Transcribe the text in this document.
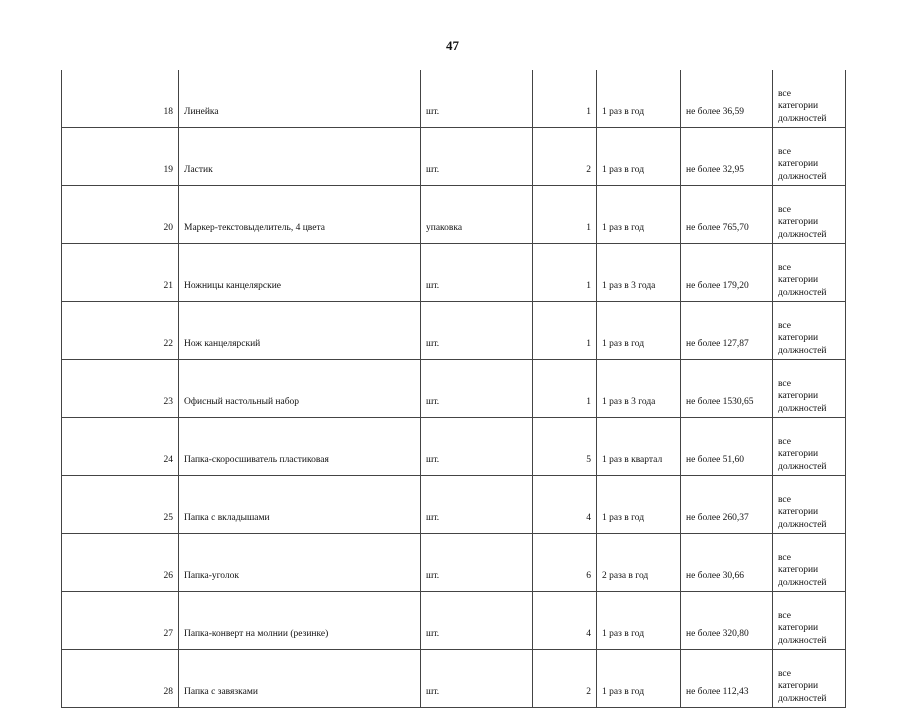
47
18	Линейка	шт.	1	1 раз в год	не более 36,59	все
категории
должностей

19	Ластик	шт.	2	1 раз в год	не более 32,95	все
категории
должностей

20	Маркер-текстовыделитель, 4 цвета	упаковка	1	1 раз в год	не более 765,70	все
категории
должностей

21	Ножницы канцелярские	шт.	1	1 раз в 3 года	не более 179,20	все
категории
должностей

22	Нож канцелярский	шт.	1	1 раз в год	не более 127,87	все
категории
должностей

23	Офисный настольный набор	шт.	1	1 раз в 3 года	не более 1530,65	все
категории
должностей

24	Папка-скоросшиватель пластиковая	шт.	5	1 раз в квартал	не более 51,60	все
категории
должностей

25	Папка с вкладышами	шт.	4	1 раз в год	не более 260,37	все
категории
должностей

26	Папка-уголок	шт.	6	2 раза в год	не более 30,66	все
категории
должностей

27	Папка-конверт на молнии (резинке)	шт.	4	1 раз в год	не более 320,80	все
категории
должностей

28	Папка с завязками	шт.	2	1 раз в год	не более 112,43	все
категории
должностей
